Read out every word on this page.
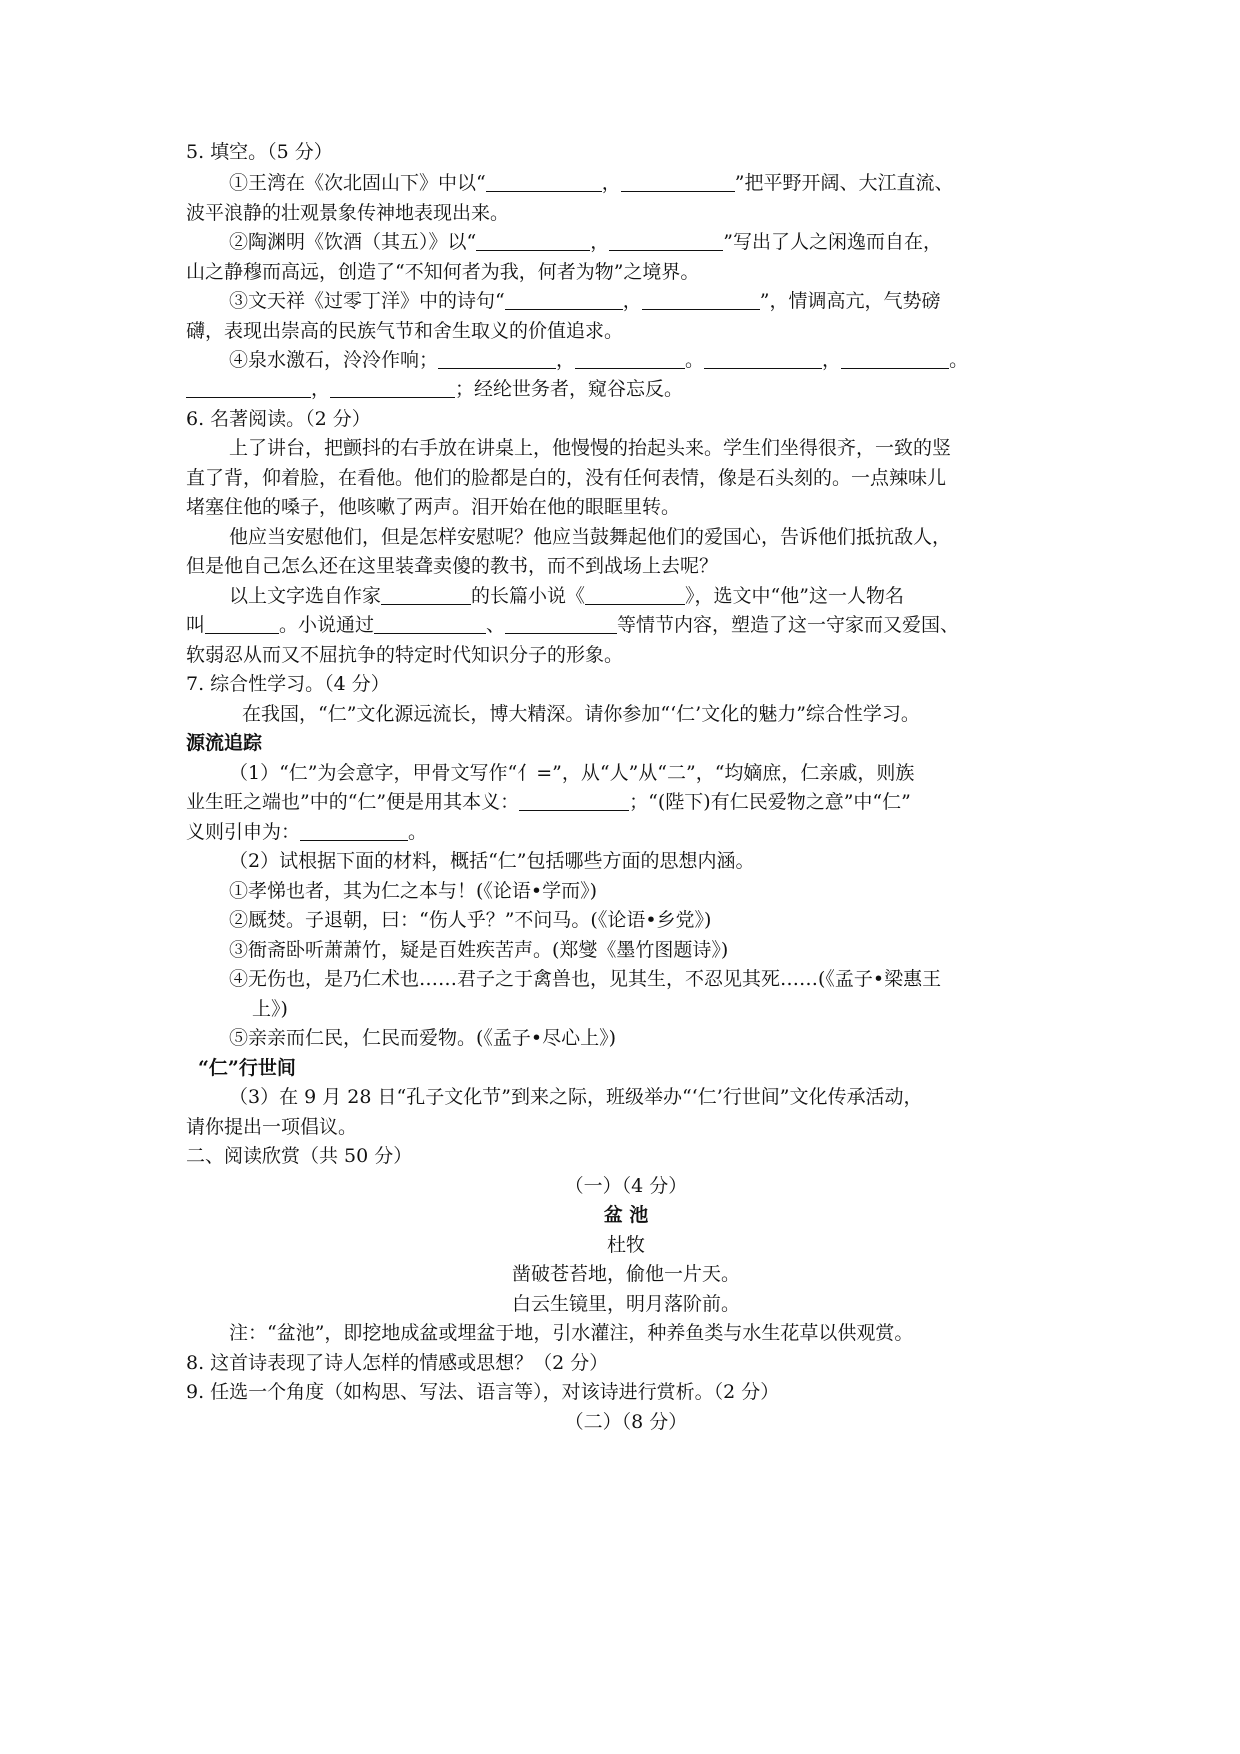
5. 填空。（5 分）
①王湾在《次北固山下》中以“	，	”把平野开阔、大江直流、
波平浪静的壮观景象传神地表现出来。
②陶渊明《饮酒（其五）》以“	，	”写出了人之闲逸而自在，
山之静穆而高远，创造了“不知何者为我，何者为物”之境界。
③文天祥《过零丁洋》中的诗句“	，	”，情调高亢，气势磅
礴，表现出崇高的民族气节和舍生取义的价值追求。
④泉水激石，泠泠作响；	，	。	，	。
，	；经纶世务者，窥谷忘反。
6. 名著阅读。（2 分）
上了讲台，把颤抖的右手放在讲桌上，他慢慢的抬起头来。学生们坐得很齐，一致的竖
直了背，仰着脸，在看他。他们的脸都是白的，没有任何表情，像是石头刻的。一点辣味儿
堵塞住他的嗓子，他咳嗽了两声。泪开始在他的眼眶里转。
他应当安慰他们，但是怎样安慰呢？他应当鼓舞起他们的爱国心，告诉他们抵抗敌人，
但是他自己怎么还在这里装聋卖傻的教书，而不到战场上去呢？
以上文字选自作家	的长篇小说《	》，选文中“他”这一人物名
叫	。小说通过	、	等情节内容，塑造了这一守家而又爱国、
软弱忍从而又不屈抗争的特定时代知识分子的形象。
7. 综合性学习。（4 分）
在我国，“仁”文化源远流长，博大精深。请你参加“‘仁’文化的魅力”综合性学习。
源流追踪
（1）“仁”为会意字，甲骨文写作“⺅=”，从“人”从“二”，“均嫡庶，仁亲戚，则族
业生旺之端也”中的“仁”便是用其本义：	；“(陛下)有仁民爱物之意”中“仁”
义则引申为：	。
（2）试根据下面的材料，概括“仁”包括哪些方面的思想内涵。
①孝悌也者，其为仁之本与！(《论语•学而》)
②厩焚。子退朝，曰：“伤人乎？”不问马。(《论语•乡党》)
③衙斋卧听萧萧竹，疑是百姓疾苦声。(郑燮《墨竹图题诗》)
④无伤也，是乃仁术也……君子之于禽兽也，见其生，不忍见其死……(《孟子•梁惠王
上》)
⑤亲亲而仁民，仁民而爱物。(《孟子•尽心上》)
“仁”行世间
（3）在 9 月 28 日“孔子文化节”到来之际，班级举办“‘仁’行世间”文化传承活动，
请你提出一项倡议。
二、阅读欣赏（共 50 分）
（一）（4 分）
盆 池
杜牧
凿破苍苔地，偷他一片天。
白云生镜里，明月落阶前。
注：“盆池”，即挖地成盆或埋盆于地，引水灌注，种养鱼类与水生花草以供观赏。
8. 这首诗表现了诗人怎样的情感或思想？（2 分）
9. 任选一个角度（如构思、写法、语言等），对该诗进行赏析。（2 分）
（二）（8 分）
